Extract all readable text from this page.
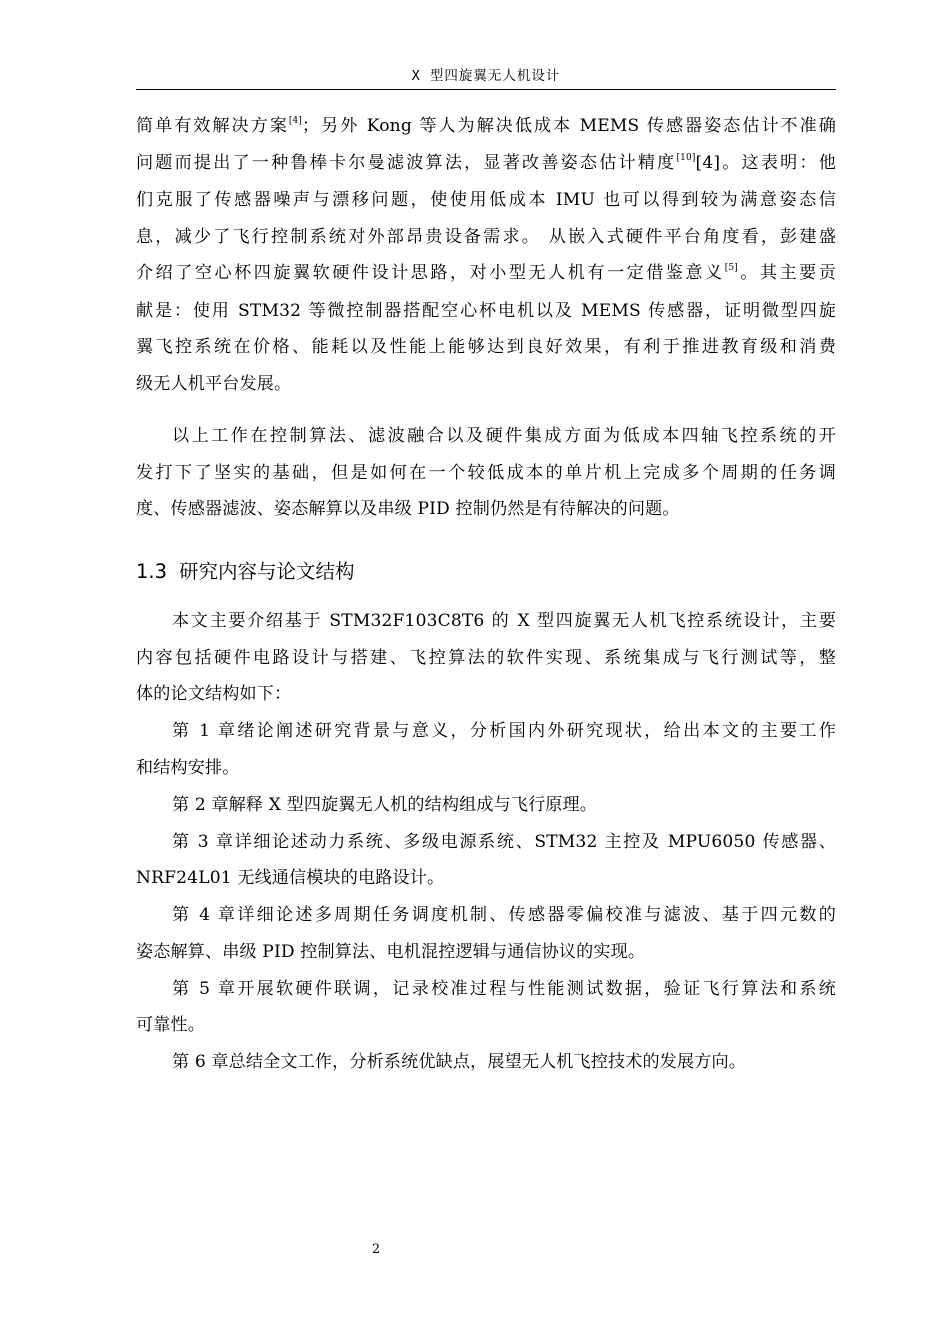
X 型四旋翼无人机设计
简单有效解决方案[4]；另外 Kong 等人为解决低成本 MEMS 传感器姿态估计不准确
问题而提出了一种鲁棒卡尔曼滤波算法，显著改善姿态估计精度[10][4]。这表明：他
们克服了传感器噪声与漂移问题，使使用低成本 IMU 也可以得到较为满意姿态信
息，减少了飞行控制系统对外部昂贵设备需求。 从嵌入式硬件平台角度看，彭建盛
介绍了空心杯四旋翼软硬件设计思路，对小型无人机有一定借鉴意义[5]。其主要贡
献是：使用 STM32 等微控制器搭配空心杯电机以及 MEMS 传感器，证明微型四旋
翼飞控系统在价格、能耗以及性能上能够达到良好效果，有利于推进教育级和消费
级无人机平台发展。
以上工作在控制算法、滤波融合以及硬件集成方面为低成本四轴飞控系统的开
发打下了坚实的基础，但是如何在一个较低成本的单片机上完成多个周期的任务调
度、传感器滤波、姿态解算以及串级 PID 控制仍然是有待解决的问题。
1.3 研究内容与论文结构
本文主要介绍基于 STM32F103C8T6 的 X 型四旋翼无人机飞控系统设计，主要
内容包括硬件电路设计与搭建、飞控算法的软件实现、系统集成与飞行测试等，整
体的论文结构如下：
第 1 章绪论阐述研究背景与意义，分析国内外研究现状，给出本文的主要工作
和结构安排。
第 2 章解释 X 型四旋翼无人机的结构组成与飞行原理。
第 3 章详细论述动力系统、多级电源系统、STM32 主控及 MPU6050 传感器、
NRF24L01 无线通信模块的电路设计。
第 4 章详细论述多周期任务调度机制、传感器零偏校准与滤波、基于四元数的
姿态解算、串级 PID 控制算法、电机混控逻辑与通信协议的实现。
第 5 章开展软硬件联调，记录校准过程与性能测试数据，验证飞行算法和系统
可靠性。
第 6 章总结全文工作，分析系统优缺点，展望无人机飞控技术的发展方向。
2
